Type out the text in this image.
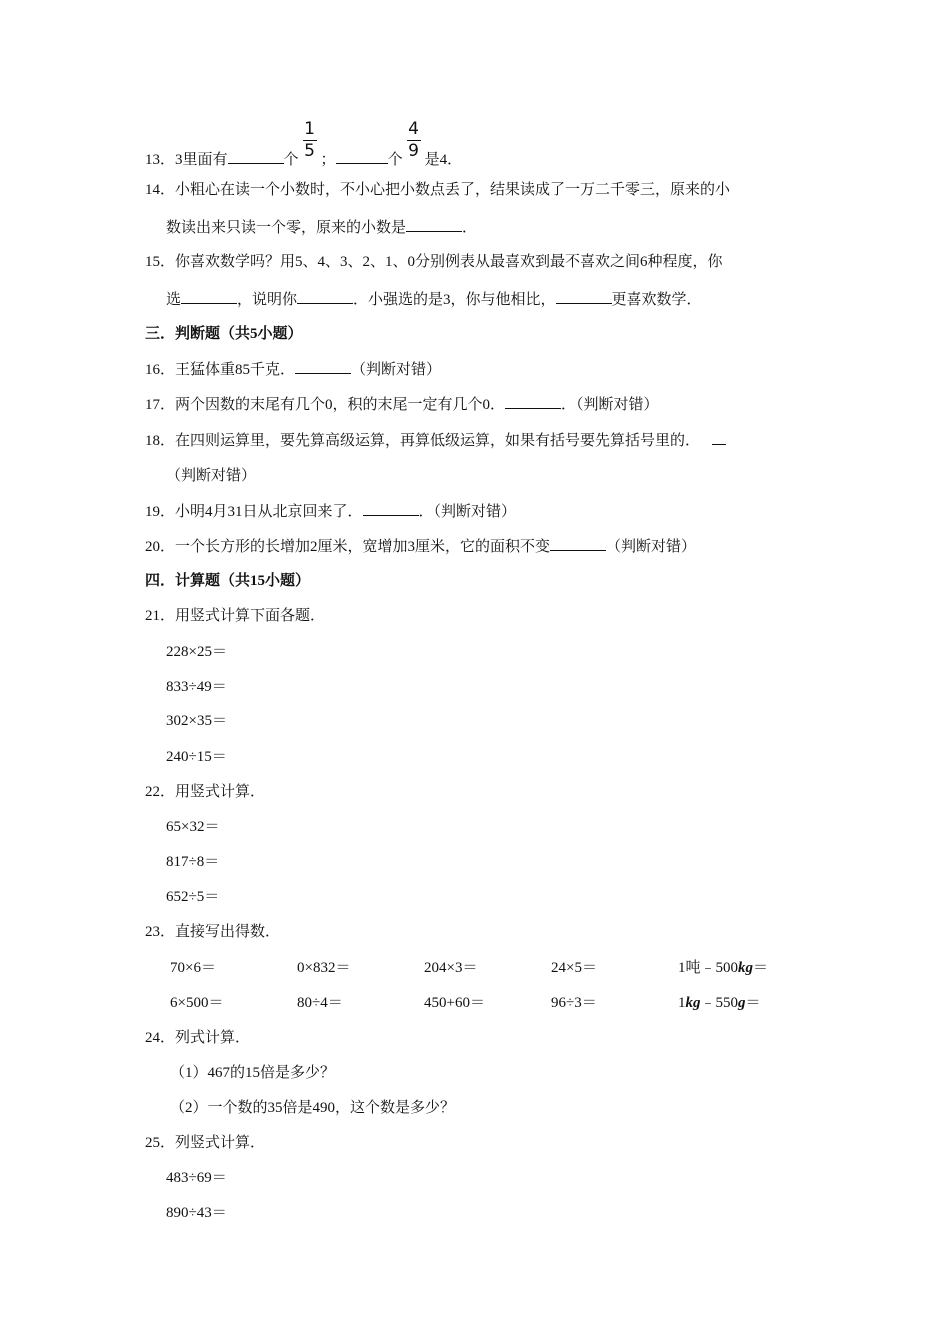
13．3里面有	个 $\frac{1}{5}$ ；	个 $\frac{4}{9}$ 是4．
14．小粗心在读一个小数时，不小心把小数点丢了，结果读成了一万二千零三，原来的小
数读出来只读一个零，原来的小数是	．
15．你喜欢数学吗？用5、4、3、2、1、0分别例表从最喜欢到最不喜欢之间6种程度，你
选	，说明你	．小强选的是3，你与他相比，	更喜欢数学．
三．判断题（共5小题）
16．王猛体重85千克．	（判断对错）
17．两个因数的末尾有几个0，积的末尾一定有几个0．	．（判断对错）
18．在四则运算里，要先算高级运算，再算低级运算，如果有括号要先算括号里的．
（判断对错）
19．小明4月31日从北京回来了．	．（判断对错）
20．一个长方形的长增加2厘米，宽增加3厘米，它的面积不变	（判断对错）
四．计算题（共15小题）
21．用竖式计算下面各题．
228×25＝
833÷49＝
302×35＝
240÷15＝
22．用竖式计算．
65×32＝
817÷8＝
652÷5＝
23．直接写出得数．
70×6＝	0×832＝	204×3＝	24×5＝	1吨﹣500kg＝
6×500＝	80÷4＝	450+60＝	96÷3＝	1kg﹣550g＝
24．列式计算．
（1）467的15倍是多少？
（2）一个数的35倍是490，这个数是多少？
25．列竖式计算．
483÷69＝
890÷43＝
